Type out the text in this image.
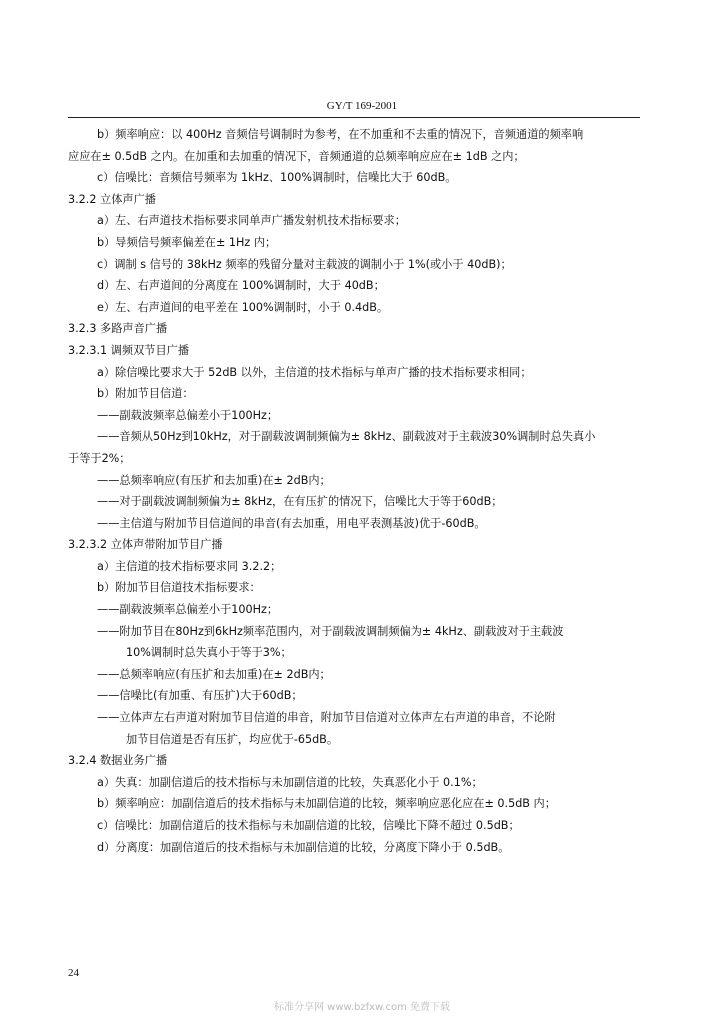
GY/T 169-2001
b）频率响应：以 400Hz 音频信号调制时为参考，在不加重和不去重的情况下，音频通道的频率响
应应在± 0.5dB 之内。在加重和去加重的情况下，音频通道的总频率响应应在± 1dB 之内；
c）信噪比：音频信号频率为 1kHz、100%调制时，信噪比大于 60dB。
3.2.2 立体声广播
a）左、右声道技术指标要求同单声广播发射机技术指标要求；
b）导频信号频率偏差在± 1Hz 内；
c）调制 s 信号的 38kHz 频率的残留分量对主载波的调制小于 1%(或小于 40dB)；
d）左、右声道间的分离度在 100%调制时，大于 40dB；
e）左、右声道间的电平差在 100%调制时，小于 0.4dB。
3.2.3 多路声音广播
3.2.3.1 调频双节目广播
a）除信噪比要求大于 52dB 以外，主信道的技术指标与单声广播的技术指标要求相同；
b）附加节目信道：
——副载波频率总偏差小于100Hz；
——音频从50Hz到10kHz，对于副载波调制频偏为± 8kHz、副载波对于主载波30%调制时总失真小
于等于2%；
——总频率响应(有压扩和去加重)在± 2dB内；
——对于副载波调制频偏为± 8kHz，在有压扩的情况下，信噪比大于等于60dB；
——主信道与附加节目信道间的串音(有去加重，用电平表测基波)优于-60dB。
3.2.3.2 立体声带附加节目广播
a）主信道的技术指标要求同 3.2.2；
b）附加节目信道技术指标要求：
——副载波频率总偏差小于100Hz；
——附加节目在80Hz到6kHz频率范围内，对于副载波调制频偏为± 4kHz、副载波对于主载波
10%调制时总失真小于等于3%；
——总频率响应(有压扩和去加重)在± 2dB内；
——信噪比(有加重、有压扩)大于60dB；
——立体声左右声道对附加节目信道的串音，附加节目信道对立体声左右声道的串音，不论附
加节目信道是否有压扩，均应优于-65dB。
3.2.4 数据业务广播
a）失真：加副信道后的技术指标与未加副信道的比较，失真恶化小于 0.1%；
b）频率响应：加副信道后的技术指标与未加副信道的比较，频率响应恶化应在± 0.5dB 内；
c）信噪比：加副信道后的技术指标与未加副信道的比较，信噪比下降不超过 0.5dB；
d）分离度：加副信道后的技术指标与未加副信道的比较，分离度下降小于 0.5dB。
24
标准分享网 www.bzfxw.com 免费下载
